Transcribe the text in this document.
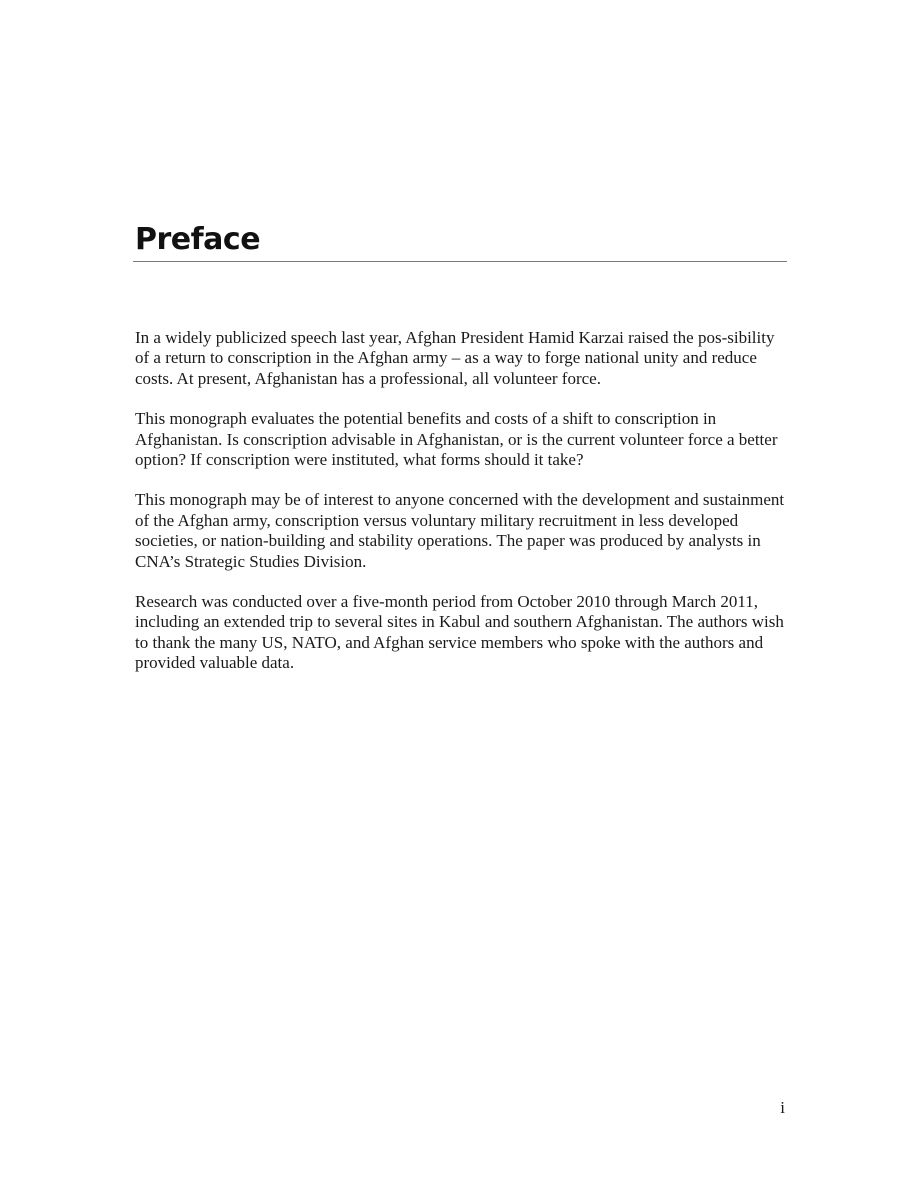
Preface

In a widely publicized speech last year, Afghan President Hamid Karzai raised the pos-sibility of a return to conscription in the Afghan army – as a way to forge national unity and reduce costs. At present, Afghanistan has a professional, all volunteer force.

This monograph evaluates the potential benefits and costs of a shift to conscription in Afghanistan. Is conscription advisable in Afghanistan, or is the current volunteer force a better option? If conscription were instituted, what forms should it take?

This monograph may be of interest to anyone concerned with the development and sustainment of the Afghan army, conscription versus voluntary military recruitment in less developed societies, or nation-building and stability operations. The paper was produced by analysts in CNA’s Strategic Studies Division.

Research was conducted over a five-month period from October 2010 through March 2011, including an extended trip to several sites in Kabul and southern Afghanistan. The authors wish to thank the many US, NATO, and Afghan service members who spoke with the authors and provided valuable data.

i
